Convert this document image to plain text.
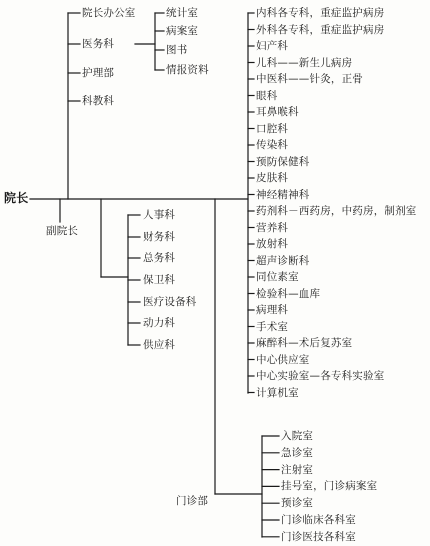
院长
副院长
院长办公室
医务科
护理部
科教科
统计室
病案室
图书
情报资料
人事科
财务科
总务科
保卫科
医疗设备科
动力科
供应科
内科各专科，重症监护病房
外科各专科，重症监护病房
妇产科
儿科——新生儿病房
中医科——针灸，正骨
眼科
耳鼻喉科
口腔科
传染科
预防保健科
皮肤科
神经精神科
药剂科－西药房，中药房，制剂室
营养科
放射科
超声诊断科
同位素室
检验科—血库
病理科
手术室
麻醉科—术后复苏室
中心供应室
中心实验室—各专科实验室
计算机室
门诊部
入院室
急诊室
注射室
挂号室，门诊病案室
预诊室
门诊临床各科室
门诊医技各科室
